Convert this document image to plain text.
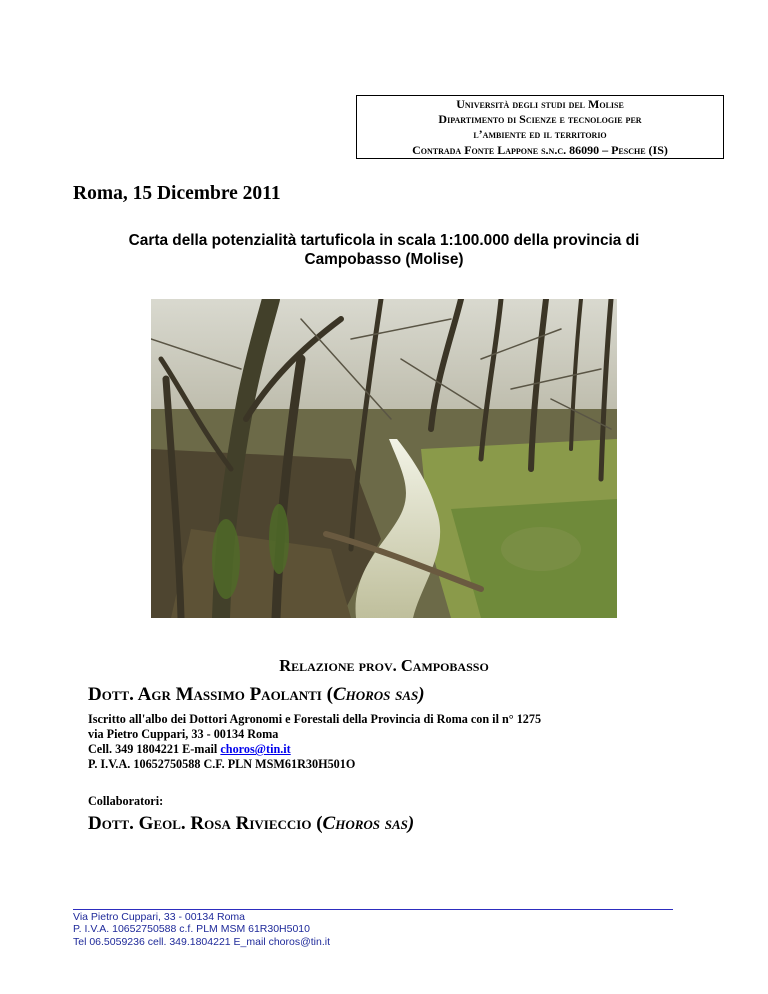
Università degli studi del Molise
Dipartimento di Scienze e tecnologie per
l’ambiente ed il territorio
Contrada Fonte Lappone s.n.c. 86090 – Pesche (IS)
Roma, 15 Dicembre 2011
Carta della potenzialità tartuficola in scala 1:100.000 della provincia di
Campobasso (Molise)
Relazione prov. Campobasso
Dott. Agr Massimo Paolanti (Choros sas)
Iscritto all'albo dei Dottori Agronomi e Forestali della Provincia di Roma con il n° 1275
via Pietro Cuppari, 33 - 00134 Roma
Cell. 349 1804221 E-mail choros@tin.it
P. I.V.A. 10652750588 C.F. PLN MSM61R30H501O
Collaboratori:
Dott. Geol. Rosa Rivieccio (Choros sas)
Via Pietro Cuppari, 33 - 00134 Roma
P. I.V.A. 10652750588 c.f. PLM MSM 61R30H5010
Tel 06.5059236 cell. 349.1804221 E_mail choros@tin.it
